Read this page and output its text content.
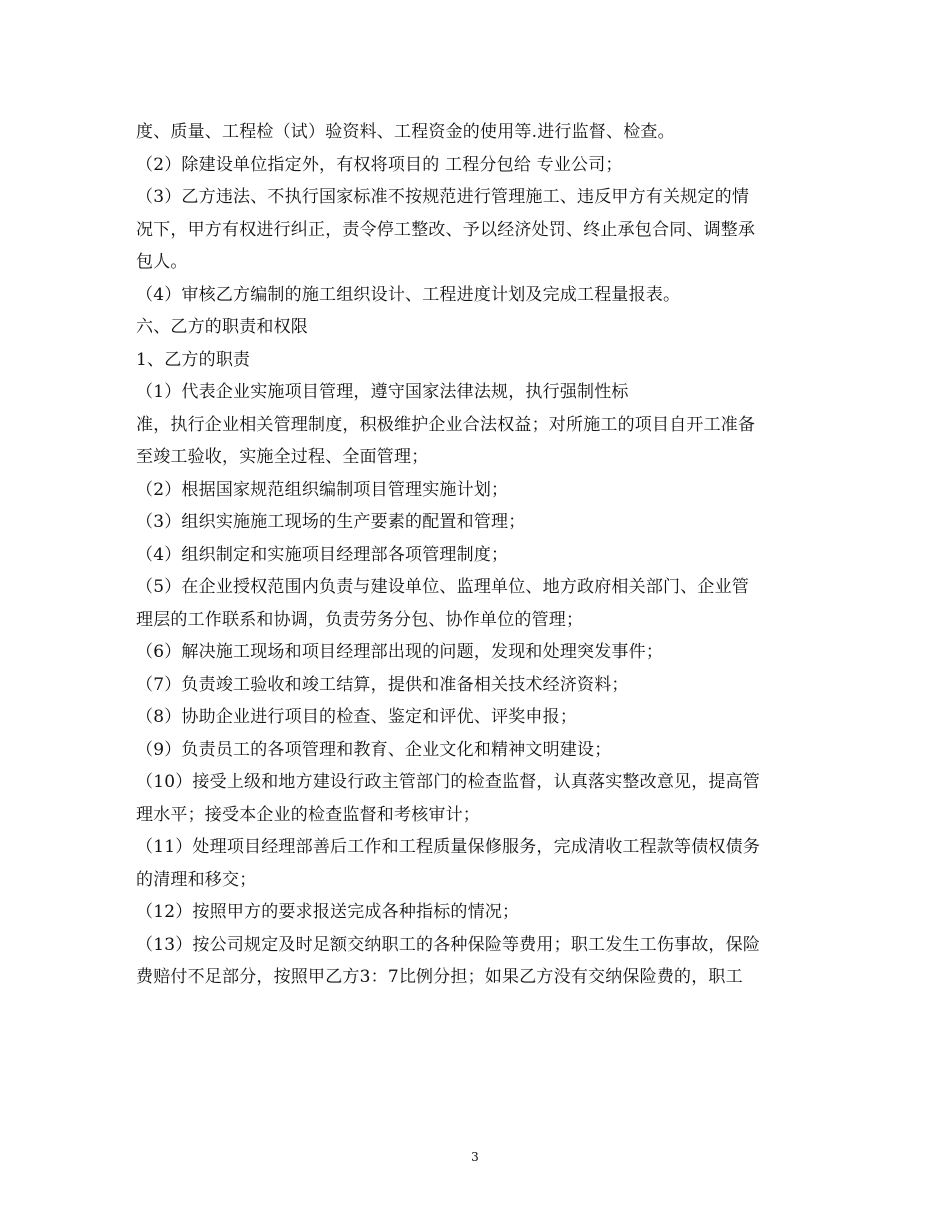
度、质量、工程检（试）验资料、工程资金的使用等.进行监督、检查。

（2）除建设单位指定外，有权将项目的 工程分包给 专业公司；

（3）乙方违法、不执行国家标准不按规范进行管理施工、违反甲方有关规定的情

况下，甲方有权进行纠正，责令停工整改、予以经济处罚、终止承包合同、调整承

包人。

（4）审核乙方编制的施工组织设计、工程进度计划及完成工程量报表。

六、乙方的职责和权限

1、乙方的职责

（1）代表企业实施项目管理，遵守国家法律法规，执行强制性标

准，执行企业相关管理制度，积极维护企业合法权益；对所施工的项目自开工准备

至竣工验收，实施全过程、全面管理；

（2）根据国家规范组织编制项目管理实施计划；

（3）组织实施施工现场的生产要素的配置和管理；

（4）组织制定和实施项目经理部各项管理制度；

（5）在企业授权范围内负责与建设单位、监理单位、地方政府相关部门、企业管

理层的工作联系和协调，负责劳务分包、协作单位的管理；

（6）解决施工现场和项目经理部出现的问题，发现和处理突发事件；

（7）负责竣工验收和竣工结算，提供和准备相关技术经济资料；

（8）协助企业进行项目的检查、鉴定和评优、评奖申报；

（9）负责员工的各项管理和教育、企业文化和精神文明建设；

（10）接受上级和地方建设行政主管部门的检查监督，认真落实整改意见，提高管

理水平；接受本企业的检查监督和考核审计；

（11）处理项目经理部善后工作和工程质量保修服务，完成清收工程款等债权债务

的清理和移交；

（12）按照甲方的要求报送完成各种指标的情况；

（13）按公司规定及时足额交纳职工的各种保险等费用；职工发生工伤事故，保险

费赔付不足部分，按照甲乙方3：7比例分担；如果乙方没有交纳保险费的，职工

3
